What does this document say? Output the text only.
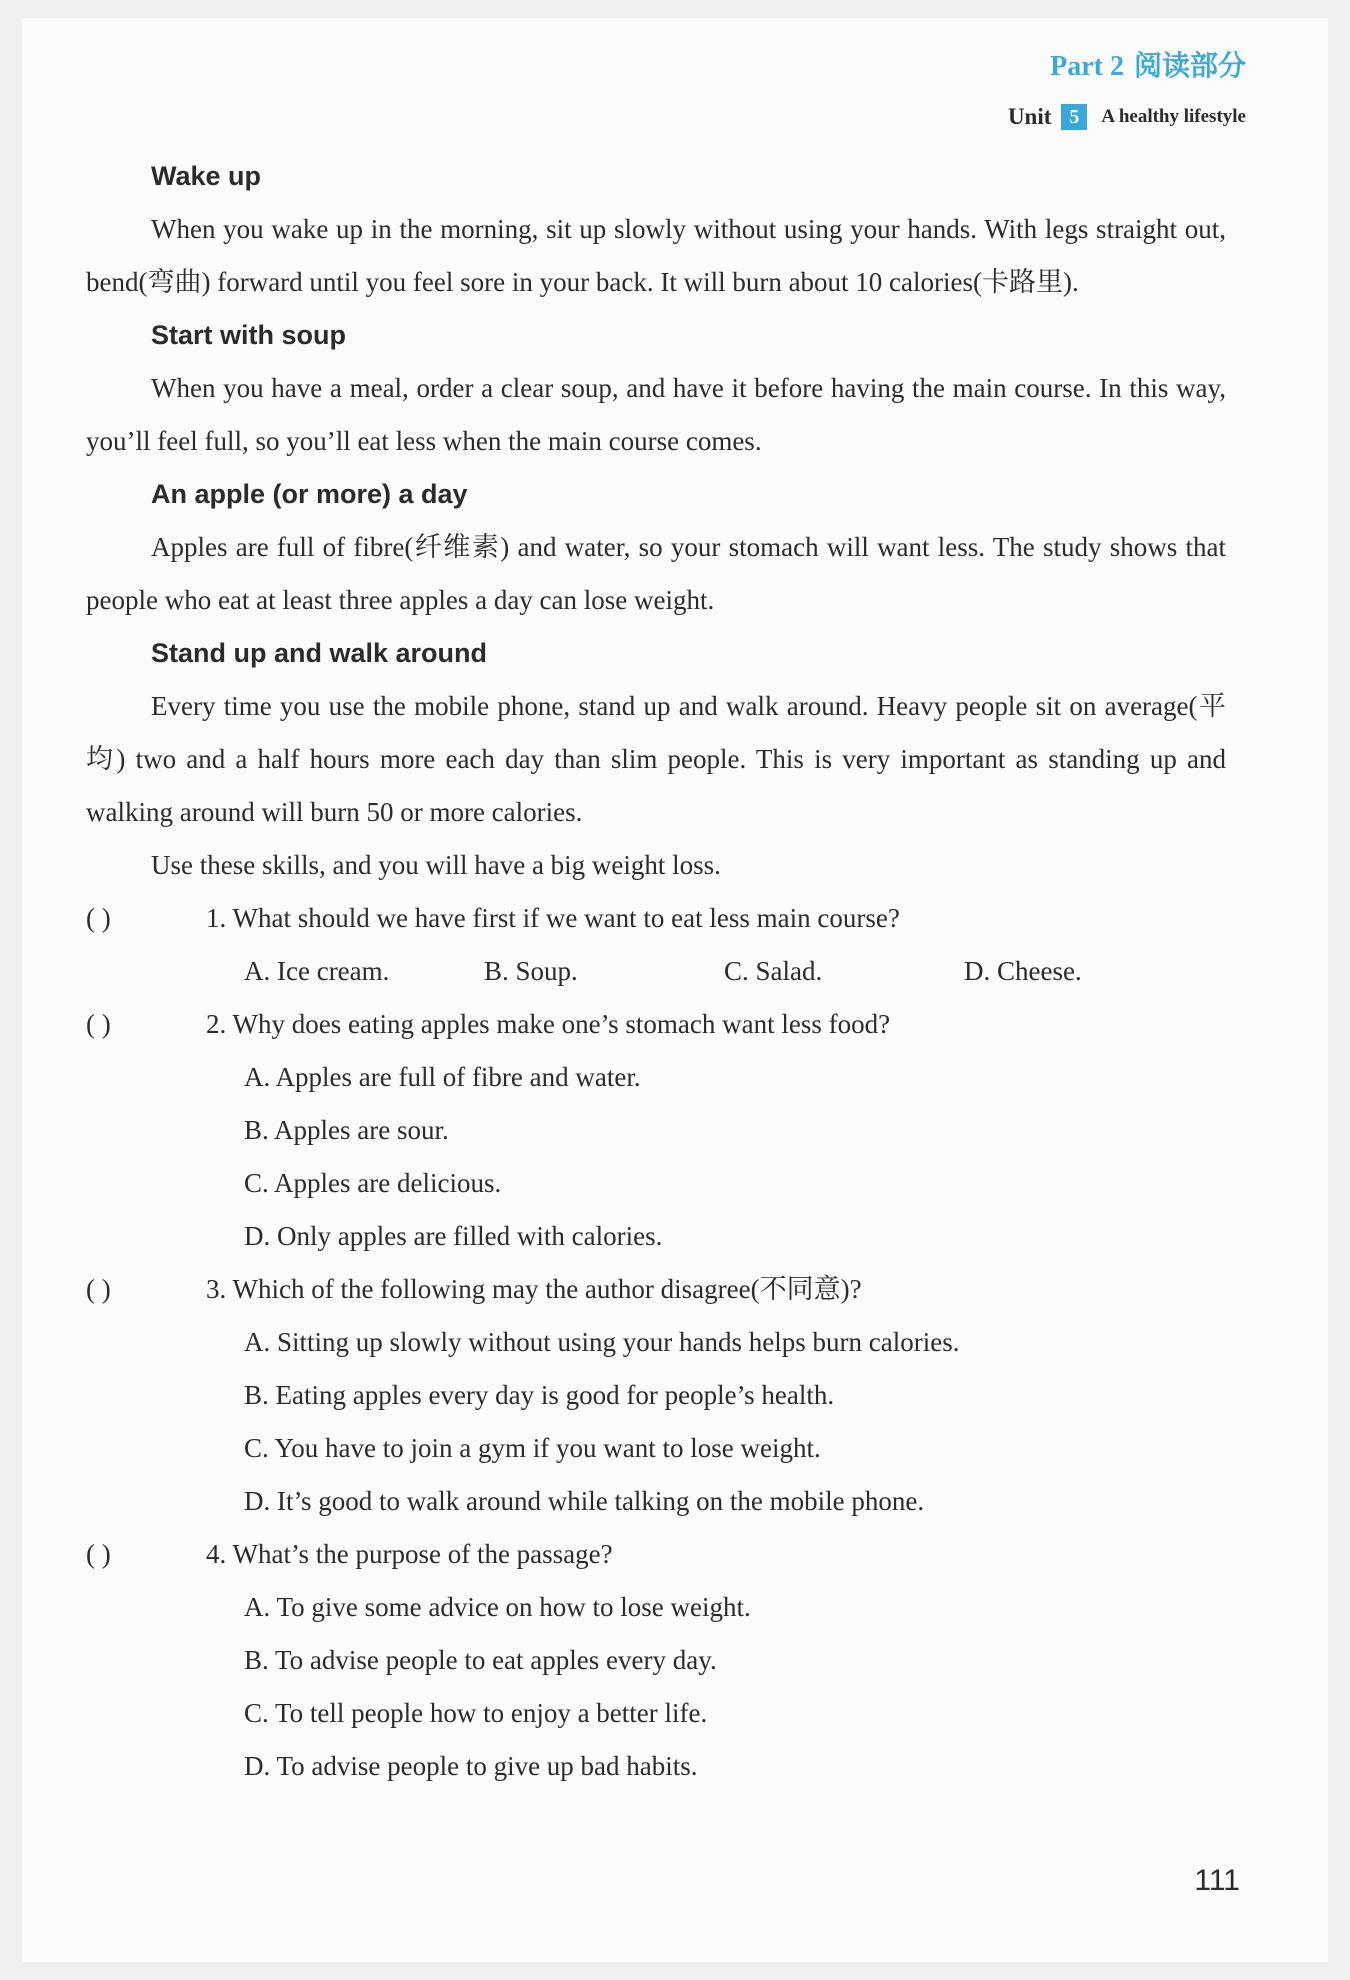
Part 2 阅读部分
Unit 5	A healthy lifestyle
Wake up

When you wake up in the morning, sit up slowly without using your hands. With legs straight out, bend(弯曲) forward until you feel sore in your back. It will burn about 10 calories(卡路里).

Start with soup

When you have a meal, order a clear soup, and have it before having the main course. In this way, you’ll feel full, so you’ll eat less when the main course comes.

An apple (or more) a day

Apples are full of fibre(纤维素) and water, so your stomach will want less. The study shows that people who eat at least three apples a day can lose weight.

Stand up and walk around

Every time you use the mobile phone, stand up and walk around. Heavy people sit on average(平均) two and a half hours more each day than slim people. This is very important as standing up and walking around will burn 50 or more calories.

Use these skills, and you will have a big weight loss.

( )	1. What should we have first if we want to eat less main course?
A. Ice cream.	B. Soup.	C. Salad.	D. Cheese.
( )	2. Why does eating apples make one’s stomach want less food?
A. Apples are full of fibre and water.
B. Apples are sour.
C. Apples are delicious.
D. Only apples are filled with calories.
( )	3. Which of the following may the author disagree(不同意)?
A. Sitting up slowly without using your hands helps burn calories.
B. Eating apples every day is good for people’s health.
C. You have to join a gym if you want to lose weight.
D. It’s good to walk around while talking on the mobile phone.
( )	4. What’s the purpose of the passage?
A. To give some advice on how to lose weight.
B. To advise people to eat apples every day.
C. To tell people how to enjoy a better life.
D. To advise people to give up bad habits.
111
